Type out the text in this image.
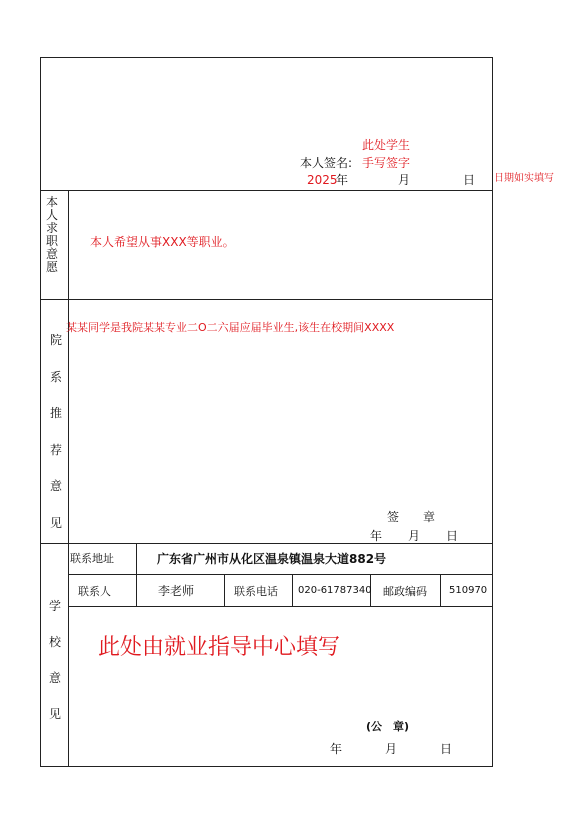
此处学生
本人签名: 手写签字
2025
年	月	日 日期如实填写
本
人
求
职
意
愿
本人希望从事XXX等职业。
院
系
推
荐
意
见
某某同学是我院某某专业二O二六届应届毕业生,该生在校期间XXXX
签　　章
年 月 日
学
校
意
见
联系地址	广东省广州市从化区温泉镇温泉大道882号
联系人	李老师	联系电话 020-61787340 邮政编码 510970
此处由就业指导中心填写
(公　章)
年	月	日
